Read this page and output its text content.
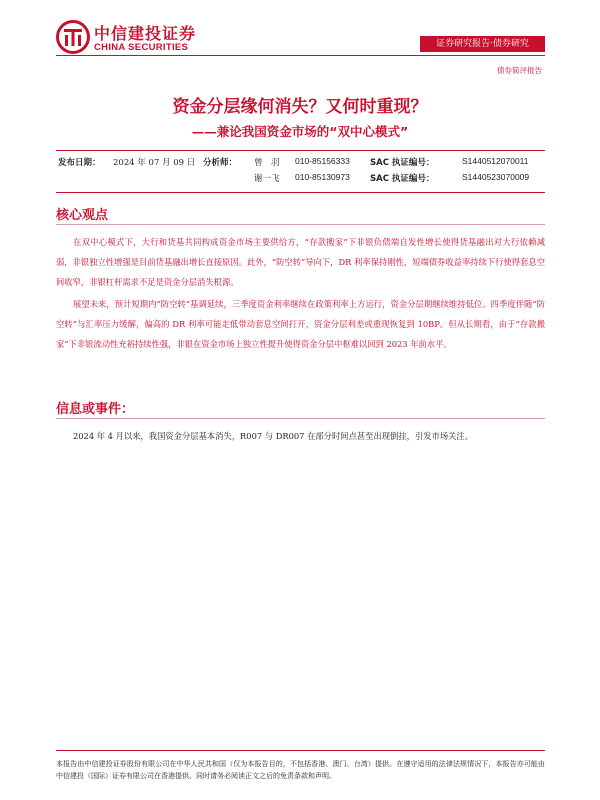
中信建投证券
CHINA SECURITIES	证券研究报告·债券研究
债券简评报告
资金分层缘何消失？又何时重现？
——兼论我国资金市场的“双中心模式”
发布日期： 2024 年 07 月 09 日 分析师： 曾　羽 010-85156333 SAC 执证编号：	S1440512070011
谢一飞 010-85130973 SAC 执证编号：	S1440523070009
核心观点
在双中心模式下，大行和货基共同构成资金市场主要供给方，“存款搬家”下非银负债端自发性增长使得货基融出对大行依赖减弱，非银独立性增强是目前货基融出增长直接原因。此外，“防空转”导向下，DR 利率保持刚性，短端债券收益率持续下行使得套息空间收窄，非银杠杆需求不足是资金分层消失根源。
展望未来，预计短期内“防空转”基调延续，三季度资金利率继续在政策利率上方运行，资金分层期继续维持低位。四季度伴随“防空转”与汇率压力缓解，偏高的 DR 利率可能走低带动套息空间打开，资金分层利差或重现恢复到 10BP。但从长期看，由于“存款搬家”下非银流动性充裕持续性强，非银在资金市场上独立性提升使得资金分层中枢难以回到 2023 年前水平。
信息或事件：
2024 年 4 月以来，我国资金分层基本消失，R007 与 DR007 在部分时间点甚至出现倒挂，引发市场关注。
本报告由中信建投证券股份有限公司在中华人民共和国（仅为本报告目的，不包括香港、澳门、台湾）提供。在遵守适用的法律法规情况下，本报告亦可能由中信建投（国际）证券有限公司在香港提供。同时请务必阅读正文之后的免责条款和声明。
